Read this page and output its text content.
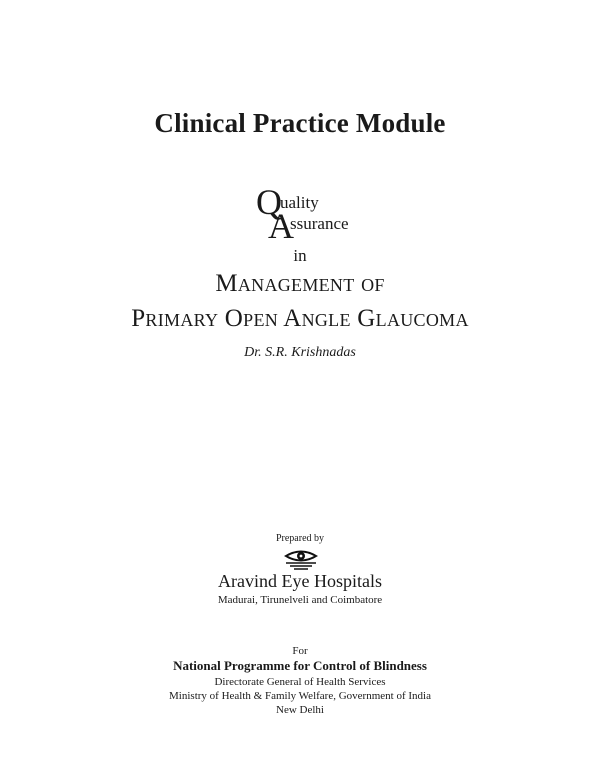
Clinical Practice Module
Q
uality
A
ssurance
in
Management of
Primary Open Angle Glaucoma
Dr. S.R. Krishnadas
Prepared by
Aravind Eye Hospitals
Madurai, Tirunelveli and Coimbatore
For
National Programme for Control of Blindness
Directorate General of Health Services
Ministry of Health & Family Welfare, Government of India
New Delhi
